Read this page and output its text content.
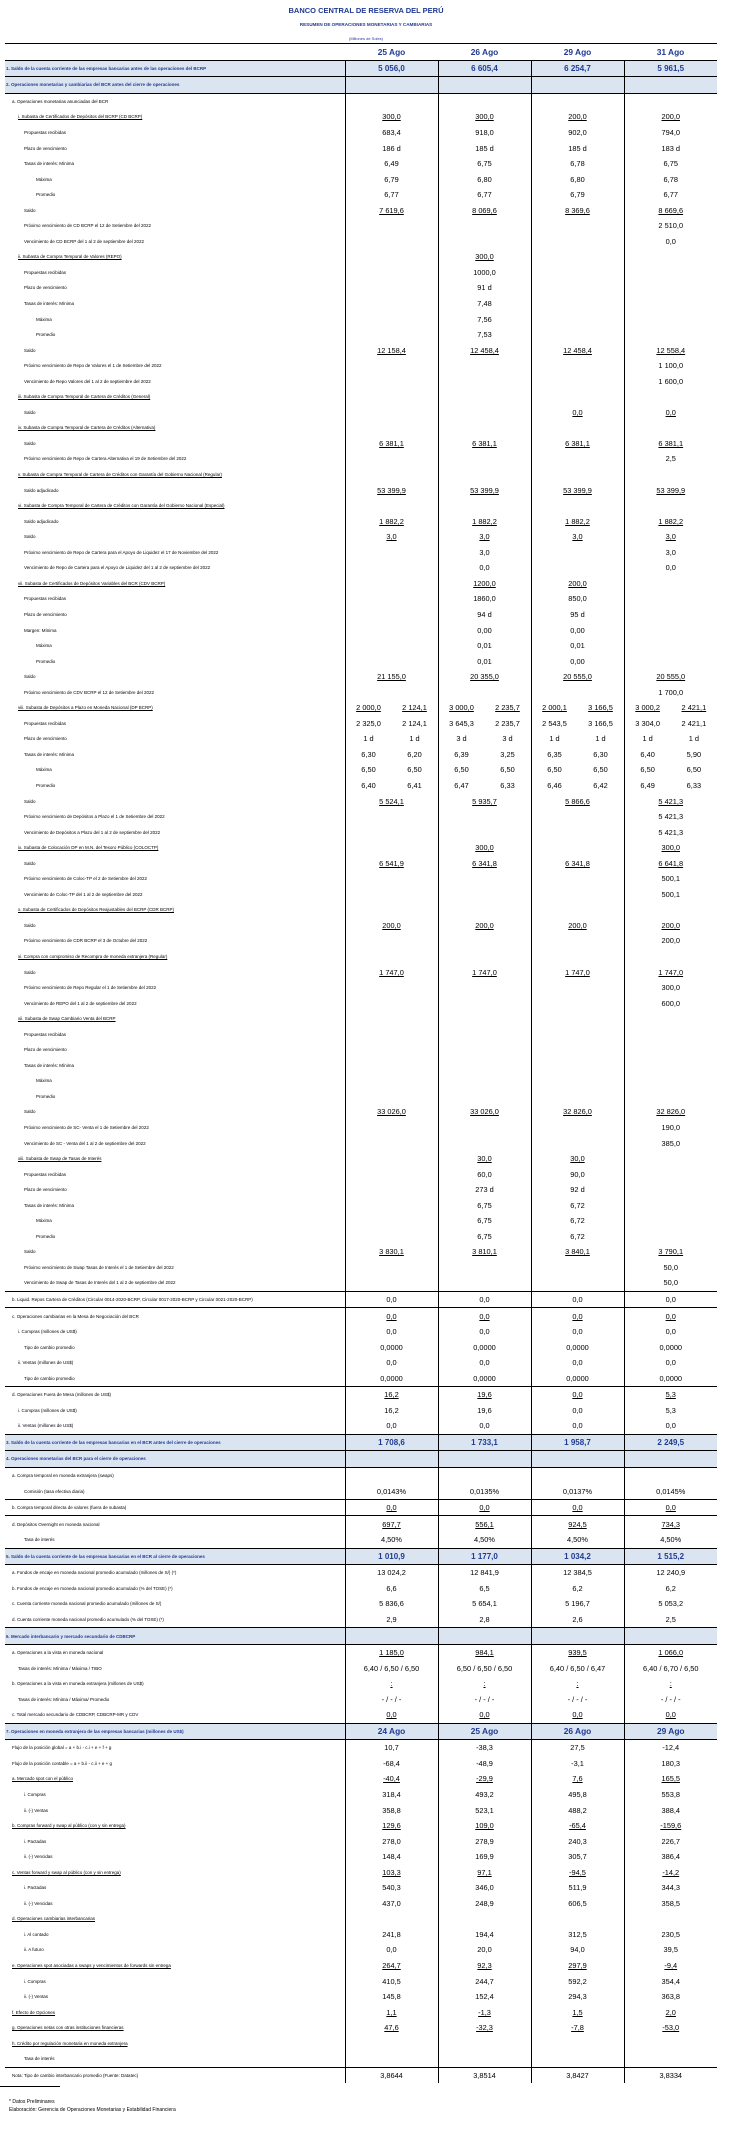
BANCO CENTRAL DE RESERVA DEL PERÚ
RESUMEN DE OPERACIONES MONETARIAS Y CAMBIARIAS
(Millones de Soles)
	25 Ago	26 Ago	29 Ago	31 Ago
1. Saldo de la cuenta corriente de las empresas bancarias antes de las operaciones del BCRP	5 056,0	6 605,4	6 254,7	5 961,5
2. Operaciones monetarias y cambiarias del BCR antes del cierre de operaciones				
a. Operaciones monetarias anunciadas del BCR				
i. Subasta de Certificados de Depósitos del BCRP (CD BCRP)	300,0	300,0	200,0	200,0
Propuestas recibidas	683,4	918,0	902,0	794,0
Plazo de vencimiento	186 d	185 d	185 d	183 d
Tasas de interés: Mínima	6,49	6,75	6,78	6,75
Máxima	6,79	6,80	6,80	6,78
Promedio	6,77	6,77	6,79	6,77
Saldo	7 619,6	8 069,6	8 369,6	8 669,6
Próximo vencimiento de CD BCRP el 12 de Setiembre del 2022				2 510,0
Vencimiento de CD BCRP del 1 al 2 de septiembre del 2022				0,0
ii. Subasta de Compra Temporal de Valores (REPO)		300,0		
Propuestas recibidas		1000,0		
Plazo de vencimiento		91 d		
Tasas de interés: Mínima		7,48		
Máxima		7,56		
Promedio		7,53		
Saldo	12 158,4	12 458,4	12 458,4	12 558,4
Próximo vencimiento de Repo de Valores el 1 de Setiembre del 2022				1 100,0
Vencimiento de Repo Valores del 1 al 2 de septiembre del 2022				1 600,0
iii. Subasta de Compra Temporal de Cartera de Créditos (General)				
Saldo			0,0	0,0
iv. Subasta de Compra Temporal de Cartera de Créditos (Alternativa)				
Saldo	6 381,1	6 381,1	6 381,1	6 381,1
Próximo vencimiento de Repo de Cartera Alternativa el 19 de Setiembre del 2022				2,5
v. Subasta de Compra Temporal de Cartera de Créditos con Garantía del Gobierno Nacional (Regular)				
Saldo adjudicado	53 399,9	53 399,9	53 399,9	53 399,9
vi. Subasta de Compra Temporal de Cartera de Créditos con Garantía del Gobierno Nacional (Especial)				
Saldo adjudicado	1 882,2	1 882,2	1 882,2	1 882,2
Saldo	3,0	3,0	3,0	3,0
Próximo vencimiento de Repo de Cartera para el Apoyo de Liquidez el 17 de Noviembre del 2022		3,0		3,0
Vencimiento de Repo de Cartera para el Apoyo de Liquidez del 1 al 2 de septiembre del 2022		0,0		0,0
vii. Subasta de Certificados de Depósitos Variables del BCR (CDV BCRP)		1200,0	200,0	
Propuestas recibidas		1860,0	850,0	
Plazo de vencimiento		94 d	95 d	
Margen: Mínima		0,00	0,00	
Máxima		0,01	0,01	
Promedio		0,01	0,00	
Saldo	21 155,0	20 355,0	20 555,0	20 555,0
Próximo vencimiento de CDV BCRP el 12 de Setiembre del 2022				1 700,0
viii. Subasta de Depósitos a Plazo en Moneda Nacional (DP BCRP)	2 000,0 2 124,1	3 000,0 2 235,7	2 000,1 3 166,5	3 000,2 2 421,1

Propuestas recibidas	2 325,0 2 124,1	3 645,3 2 235,7	2 543,5 3 166,5	3 304,0 2 421,1

Plazo de vencimiento	1 d 1 d	3 d 3 d	1 d 1 d	1 d 1 d

Tasas de interés: Mínima	6,30 6,20	6,39 3,25	6,35 6,30	6,40 5,90

Máxima	6,50 6,50	6,50 6,50	6,50 6,50	6,50 6,50

Promedio	6,40 6,41	6,47 6,33	6,46 6,42	6,49 6,33

Saldo	5 524,1	5 935,7	5 866,6	5 421,3
Próximo vencimiento de Depósitos a Plazo el 1 de Setiembre del 2022				5 421,3
Vencimiento de Depósitos a Plazo del 1 al 2 de septiembre del 2022				5 421,3
ix. Subasta de Colocación DP en M.N. del Tesoro Público (COLOCTP)		300,0		300,0
Saldo	6 541,9	6 341,8	6 341,8	6 641,8
Próximo vencimiento de Coloc-TP el 2 de Setiembre del 2022				500,1
Vencimiento de Coloc-TP del 1 al 2 de septiembre del 2022				500,1
x. Subasta de Certificados de Depósitos Reajustables del BCRP (CDR BCRP)				
Saldo	200,0	200,0	200,0	200,0
Próximo vencimiento de CDR BCRP el 3 de Octubre del 2022				200,0
xi. Compra con compromiso de Recompra de moneda extranjera (Regular)				
Saldo	1 747,0	1 747,0	1 747,0	1 747,0
Próximo vencimiento de Repo Regular el 1 de Setiembre del 2022				300,0
Vencimiento de REPO del 1 al 2 de septiembre del 2022				600,0
xii. Subasta de Swap Cambiario Venta del BCRP				
Propuestas recibidas				
Plazo de vencimiento				
Tasas de interés: Mínima				
Máxima				
Promedio				
Saldo	33 026,0	33 026,0	32 826,0	32 826,0
Próximo vencimiento de SC- Venta el 1 de Setiembre del 2022				190,0
Vencimiento de SC - Venta del 1 al 2 de septiembre del 2022				385,0
xiii. Subasta de Swap de Tasas de Interés		30,0	30,0	
Propuestas recibidas		60,0	90,0	
Plazo de vencimiento		273 d	92 d	
Tasas de interés: Mínima		6,75	6,72	
Máxima		6,75	6,72	
Promedio		6,75	6,72	
Saldo	3 830,1	3 810,1	3 840,1	3 790,1
Próximo vencimiento de Swap Tasas de Interés el 1 de Setiembre del 2022				50,0
Vencimiento de Swap de Tasas de Interés del 1 al 2 de septiembre del 2022				50,0
b. Liquid. Repos Cartera de Créditos (Circular 0014-2020-BCRP, Circular 0017-2020-BCRP y Circular 0021-2020-BCRP)	0,0	0,0	0,0	0,0
c. Operaciones cambiarias en la Mesa de Negociación del BCR	0,0	0,0	0,0	0,0
i. Compras (millones de US$)	0,0	0,0	0,0	0,0
Tipo de cambio promedio	0,0000	0,0000	0,0000	0,0000
ii. Ventas (millones de US$)	0,0	0,0	0,0	0,0
Tipo de cambio promedio	0,0000	0,0000	0,0000	0,0000
d. Operaciones Fuera de Mesa (millones de US$)	16,2	19,6	0,0	5,3
i. Compras (millones de US$)	16,2	19,6	0,0	5,3
ii. Ventas (millones de US$)	0,0	0,0	0,0	0,0
3. Saldo de la cuenta corriente de las empresas bancarias en el BCR antes del cierre de operaciones	1 708,6	1 733,1	1 958,7	2 249,5
4. Operaciones monetarias del BCR para el cierre de operaciones				
a. Compra temporal en moneda extranjera (swaps)				
Comisión (tasa efectiva diaria)	0,0143%	0,0135%	0,0137%	0,0145%
b. Compra temporal directa de valores (fuera de subasta)	0,0	0,0	0,0	0,0
d. Depósitos Overnight en moneda nacional	697,7	556,1	924,5	734,3
Tasa de interés	4,50%	4,50%	4,50%	4,50%
5. Saldo de la cuenta corriente de las empresas bancarias en el BCR al cierre de operaciones	1 010,9	1 177,0	1 034,2	1 515,2
a. Fondos de encaje en moneda nacional promedio acumulado (millones de S/) (*)	13 024,2	12 841,9	12 384,5	12 240,9
b. Fondos de encaje en moneda nacional promedio acumulado (% del TOSE) (*)	6,6	6,5	6,2	6,2
c. Cuenta corriente moneda nacional promedio acumulado (millones de S/)	5 836,6	5 654,1	5 196,7	5 053,2
d. Cuenta corriente moneda nacional promedio acumulado (% del TOSE) (*)	2,9	2,8	2,6	2,5
6. Mercado interbancario y mercado secundario de CDBCRP				
a. Operaciones a la vista en moneda nacional	1 185,0	984,1	939,5	1 066,0
Tasas de interés: Mínima / Máxima / TIBO	6,40 / 6,50 / 6,50	6,50 / 6,50 / 6,50	6,40 / 6,50 / 6,47	6,40 / 6,70 / 6,50
b. Operaciones a la vista en moneda extranjera (millones de US$)	:	:	:	:
Tasas de interés: Mínima / Máxima/ Promedio	- / - / -	- / - / -	- / - / -	- / - / -
c. Total mercado secundario de CDBCRP, CDBCRP-MR y CDV	0,0	0,0	0,0	0,0
7. Operaciones en moneda extranjera de las empresas bancarias (millones de US$)	24 Ago	25 Ago	26 Ago	29 Ago
Flujo de la posición global = a + b.i - c.i + e + f + g	10,7	-38,3	27,5	-12,4
Flujo de la posición contable = a + b.ii - c.ii + e + g	-68,4	-48,9	-3,1	180,3
a. Mercado spot con el público	-40,4	-29,9	7,6	165,5
i. Compras	318,4	493,2	495,8	553,8
ii. (-) Ventas	358,8	523,1	488,2	388,4
b. Compras forward y swap al público (con y sin entrega)	129,6	109,0	-65,4	-159,6
i. Pactadas	278,0	278,9	240,3	226,7
ii. (-) Vencidas	148,4	169,9	305,7	386,4
c. Ventas forward y swap al público (con y sin entrega)	103,3	97,1	-94,5	-14,2
i. Pactadas	540,3	346,0	511,9	344,3
ii. (-) Vencidas	437,0	248,9	606,5	358,5
d. Operaciones cambiarias interbancarias				
i. Al contado	241,8	194,4	312,5	230,5
ii. A futuro	0,0	20,0	94,0	39,5
e. Operaciones spot asociadas a swaps y vencimientos de forwards sin entrega	264,7	92,3	297,9	-9,4
i. Compras	410,5	244,7	592,2	354,4
ii. (-) Ventas	145,8	152,4	294,3	363,8
f. Efecto de Opciones	1,1	-1,3	1,5	2,0
g. Operaciones netas con otras instituciones financieras	47,6	-32,3	-7,8	-53,0
h. Crédito por regulación monetaria en moneda extranjera				
Tasa de interés				
Nota: Tipo de cambio interbancario promedio (Fuente: Datatec)	3,8644	3,8514	3,8427	3,8334
* Datos Preliminares
Elaboración: Gerencia de Operaciones Monetarias y Estabilidad Financiera
